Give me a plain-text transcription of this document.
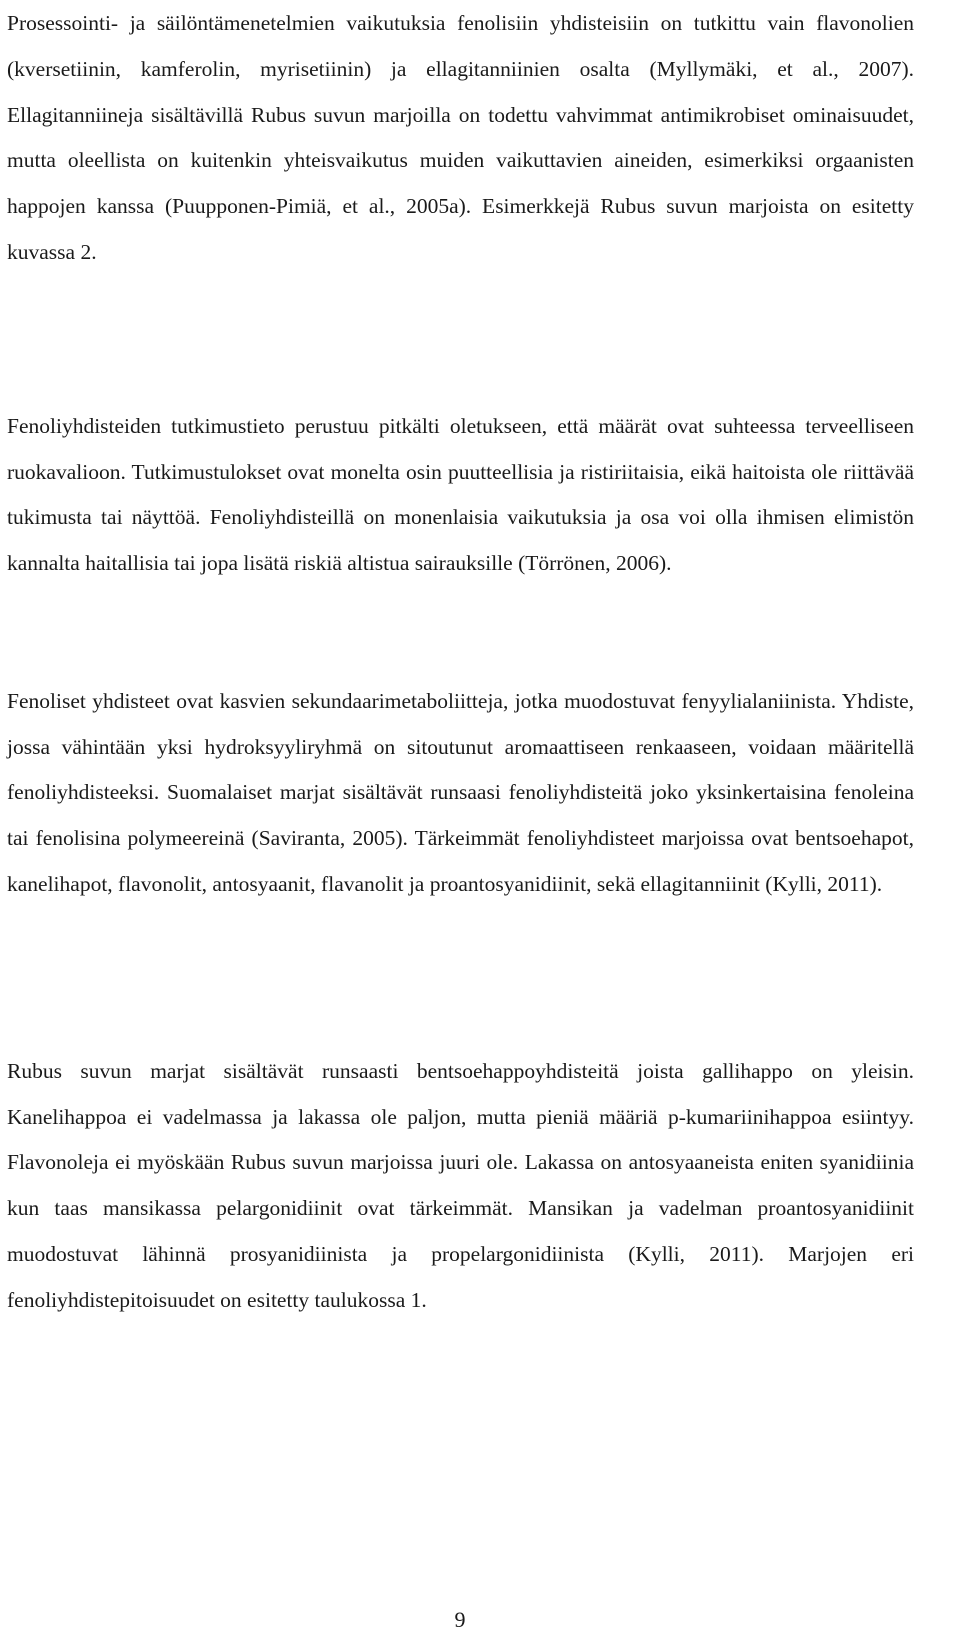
Prosessointi- ja säilöntämenetelmien vaikutuksia fenolisiin yhdisteisiin on tutkittu vain flavonolien (kversetiinin, kamferolin, myrisetiinin) ja ellagitanniinien osalta (Myllymäki, et al., 2007). Ellagitanniineja sisältävillä Rubus suvun marjoilla on todettu vahvimmat antimikrobiset ominaisuudet, mutta oleellista on kuitenkin yhteisvaikutus muiden vaikuttavien aineiden, esimerkiksi orgaanisten happojen kanssa (Puupponen-Pimiä, et al., 2005a). Esimerkkejä Rubus suvun marjoista on esitetty kuvassa 2.

Fenoliyhdisteiden tutkimustieto perustuu pitkälti oletukseen, että määrät ovat suhteessa terveelliseen ruokavalioon. Tutkimustulokset ovat monelta osin puutteellisia ja ristiriitaisia, eikä haitoista ole riittävää tukimusta tai näyttöä. Fenoliyhdisteillä on monenlaisia vaikutuksia ja osa voi olla ihmisen elimistön kannalta haitallisia tai jopa lisätä riskiä altistua sairauksille (Törrönen, 2006).

Fenoliset yhdisteet ovat kasvien sekundaarimetaboliitteja, jotka muodostuvat fenyylialaniinista. Yhdiste, jossa vähintään yksi hydroksyyliryhmä on sitoutunut aromaattiseen renkaaseen, voidaan määritellä fenoliyhdisteeksi. Suomalaiset marjat sisältävät runsaasi fenoliyhdisteitä joko yksinkertaisina fenoleina tai fenolisina polymeereinä (Saviranta, 2005). Tärkeimmät fenoliyhdisteet marjoissa ovat bentsoehapot, kanelihapot, flavonolit, antosyaanit, flavanolit ja proantosyanidiinit, sekä ellagitanniinit (Kylli, 2011).

Rubus suvun marjat sisältävät runsaasti bentsoehappoyhdisteitä joista gallihappo on yleisin. Kanelihappoa ei vadelmassa ja lakassa ole paljon, mutta pieniä määriä p-kumariinihappoa esiintyy. Flavonoleja ei myöskään Rubus suvun marjoissa juuri ole. Lakassa on antosyaaneista eniten syanidiinia kun taas mansikassa pelargonidiinit ovat tärkeimmät. Mansikan ja vadelman proantosyanidiinit muodostuvat lähinnä prosyanidiinista ja propelargonidiinista (Kylli, 2011). Marjojen eri fenoliyhdistepitoisuudet on esitetty taulukossa 1.

9
